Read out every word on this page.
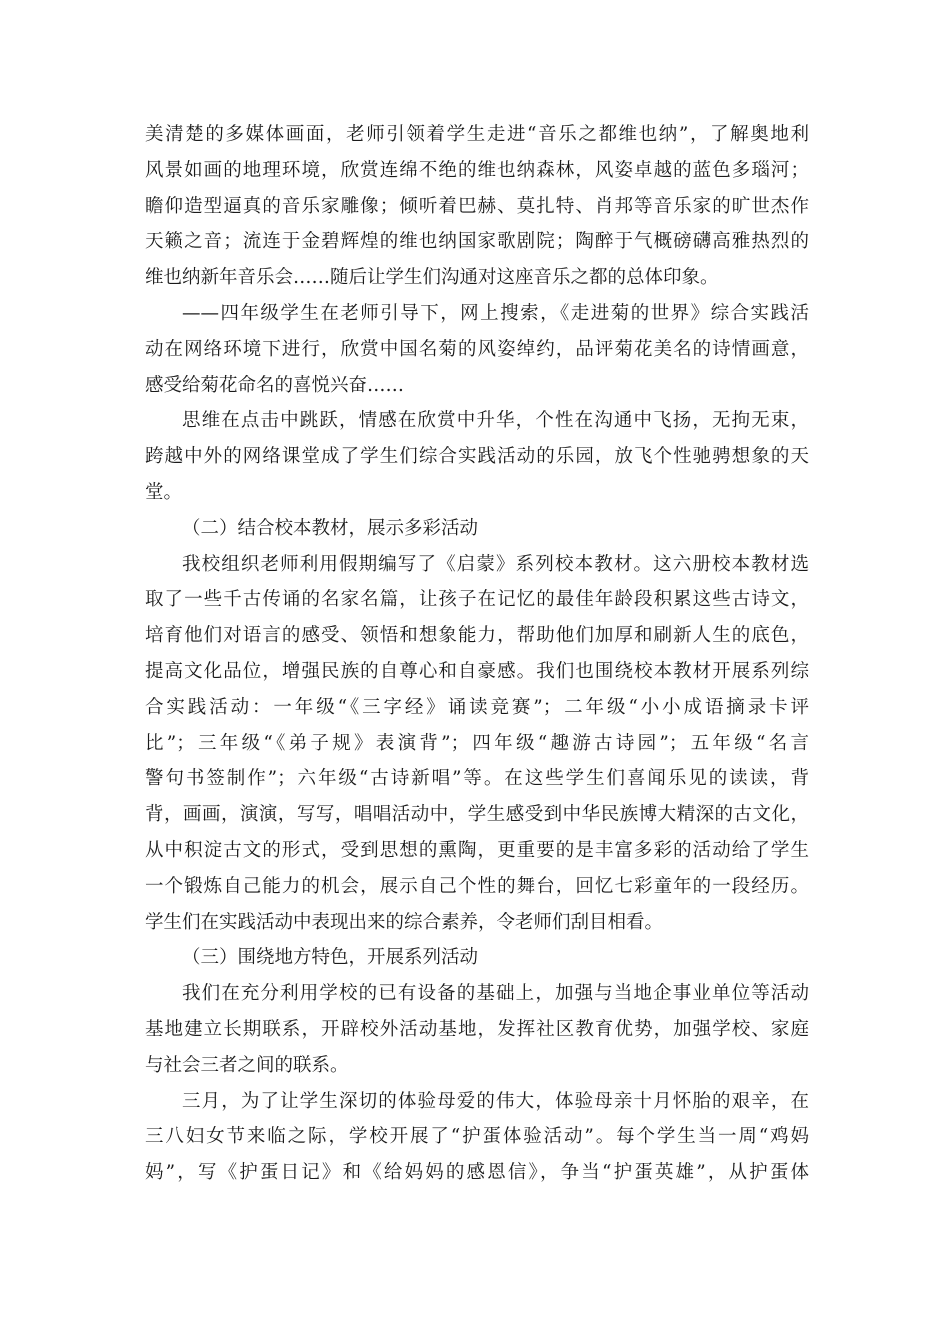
美清楚的多媒体画面，老师引领着学生走进“音乐之都维也纳”，了解奥地利
风景如画的地理环境，欣赏连绵不绝的维也纳森林，风姿卓越的蓝色多瑙河；
瞻仰造型逼真的音乐家雕像；倾听着巴赫、莫扎特、肖邦等音乐家的旷世杰作
天籁之音；流连于金碧辉煌的维也纳国家歌剧院；陶醉于气概磅礴高雅热烈的
维也纳新年音乐会……随后让学生们沟通对这座音乐之都的总体印象。
——四年级学生在老师引导下，网上搜索，《走进菊的世界》综合实践活
动在网络环境下进行，欣赏中国名菊的风姿绰约，品评菊花美名的诗情画意，
感受给菊花命名的喜悦兴奋……
思维在点击中跳跃，情感在欣赏中升华，个性在沟通中飞扬，无拘无束，
跨越中外的网络课堂成了学生们综合实践活动的乐园，放飞个性驰骋想象的天
堂。
（二）结合校本教材，展示多彩活动
我校组织老师利用假期编写了《启蒙》系列校本教材。这六册校本教材选
取了一些千古传诵的名家名篇，让孩子在记忆的最佳年龄段积累这些古诗文，
培育他们对语言的感受、领悟和想象能力，帮助他们加厚和刷新人生的底色，
提高文化品位，增强民族的自尊心和自豪感。我们也围绕校本教材开展系列综
合实践活动：一年级“《三字经》诵读竞赛”；二年级“小小成语摘录卡评
比”；三年级“《弟子规》表演背”；四年级“趣游古诗园”；五年级“名言
警句书签制作”；六年级“古诗新唱”等。在这些学生们喜闻乐见的读读，背
背，画画，演演，写写，唱唱活动中，学生感受到中华民族博大精深的古文化，
从中积淀古文的形式，受到思想的熏陶，更重要的是丰富多彩的活动给了学生
一个锻炼自己能力的机会，展示自己个性的舞台，回忆七彩童年的一段经历。
学生们在实践活动中表现出来的综合素养，令老师们刮目相看。
（三）围绕地方特色，开展系列活动
我们在充分利用学校的已有设备的基础上，加强与当地企事业单位等活动
基地建立长期联系，开辟校外活动基地，发挥社区教育优势，加强学校、家庭
与社会三者之间的联系。
三月，为了让学生深切的体验母爱的伟大，体验母亲十月怀胎的艰辛，在
三八妇女节来临之际，学校开展了“护蛋体验活动”。每个学生当一周“鸡妈
妈”，写《护蛋日记》和《给妈妈的感恩信》，争当“护蛋英雄”，从护蛋体
